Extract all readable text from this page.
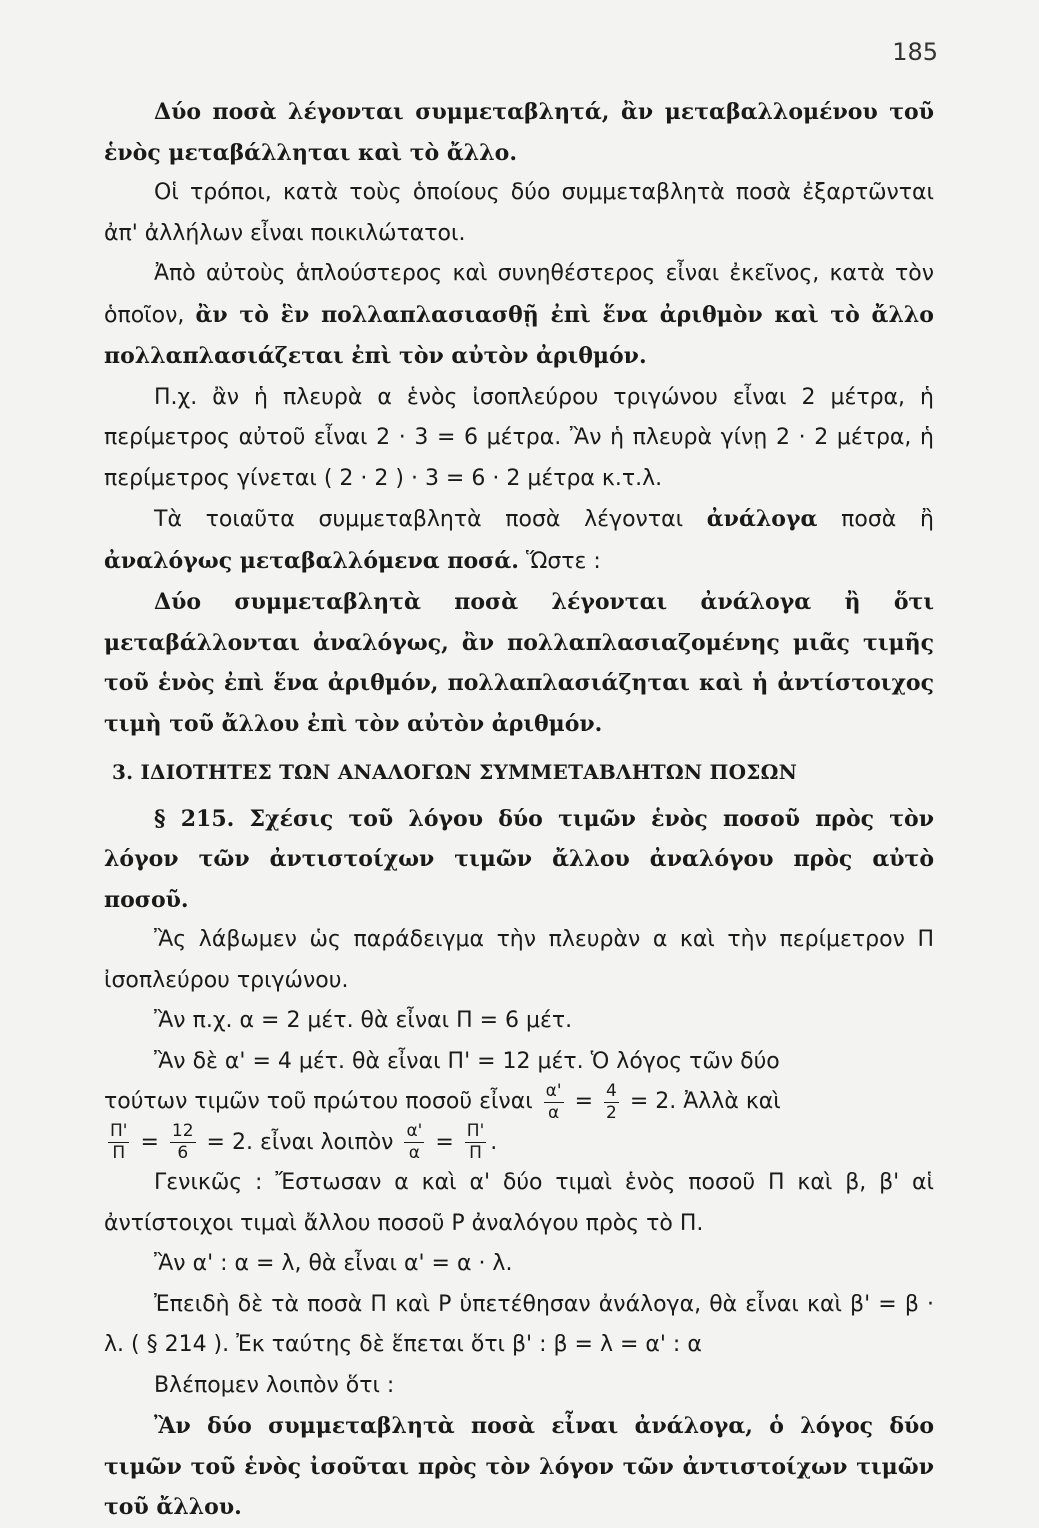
185

Δύο ποσὰ λέγονται συμμεταβλητά, ἂν μεταβαλλομένου τοῦ ἑνὸς μεταβάλληται καὶ τὸ ἄλλο.

Οἱ τρόποι, κατὰ τοὺς ὁποίους δύο συμμεταβλητὰ ποσὰ ἐξαρτῶνται ἀπ' ἀλλήλων εἶναι ποικιλώτατοι.

Ἀπὸ αὐτοὺς ἁπλούστερος καὶ συνηθέστερος εἶναι ἐκεῖνος, κατὰ τὸν ὁποῖον, ἂν τὸ ἓν πολλαπλασιασθῇ ἐπὶ ἕνα ἀριθμὸν καὶ τὸ ἄλλο πολλαπλασιάζεται ἐπὶ τὸν αὐτὸν ἀριθμόν.

Π.χ. ἂν ἡ πλευρὰ α ἑνὸς ἰσοπλεύρου τριγώνου εἶναι 2 μέτρα, ἡ περίμετρος αὐτοῦ εἶναι 2 · 3 = 6 μέτρα. Ἂν ἡ πλευρὰ γίνῃ 2 · 2 μέτρα, ἡ περίμετρος γίνεται ( 2 · 2 ) · 3 = 6 · 2 μέτρα κ.τ.λ.

Τὰ τοιαῦτα συμμεταβλητὰ ποσὰ λέγονται ἀνάλογα ποσὰ ἢ ἀναλόγως μεταβαλλόμενα ποσά. Ὥστε :

Δύο συμμεταβλητὰ ποσὰ λέγονται ἀνάλογα ἢ ὅτι μεταβάλλονται ἀναλόγως, ἂν πολλαπλασιαζομένης μιᾶς τιμῆς τοῦ ἑνὸς ἐπὶ ἕνα ἀριθμόν, πολλαπλασιάζηται καὶ ἡ ἀντίστοιχος τιμὴ τοῦ ἄλλου ἐπὶ τὸν αὐτὸν ἀριθμόν.

3. ΙΔΙΟΤΗΤΕΣ ΤΩΝ ΑΝΑΛΟΓΩΝ ΣΥΜΜΕΤΑΒΛΗΤΩΝ ΠΟΣΩΝ

§ 215. Σχέσις τοῦ λόγου δύο τιμῶν ἑνὸς ποσοῦ πρὸς τὸν λόγον τῶν ἀντιστοίχων τιμῶν ἄλλου ἀναλόγου πρὸς αὐτὸ ποσοῦ.

Ἂς λάβωμεν ὡς παράδειγμα τὴν πλευρὰν α καὶ τὴν περίμετρον Π ἰσοπλεύρου τριγώνου.

Ἂν π.χ. α = 2 μέτ. θὰ εἶναι Π = 6 μέτ.

Ἂν δὲ α' = 4 μέτ. θὰ εἶναι Π' = 12 μέτ. Ὁ λόγος τῶν δύο

τούτων τιμῶν τοῦ πρώτου ποσοῦ εἶναι $\frac{\alpha'}{\alpha} = \frac{4}{2} = 2$. Ἀλλὰ καὶ

$\frac{\Pi'}{\Pi} = \frac{12}{6} = 2$. εἶναι λοιπὸν $\frac{\alpha'}{\alpha} = \frac{\Pi'}{\Pi}$ .

Γενικῶς : Ἔστωσαν α καὶ α' δύο τιμαὶ ἑνὸς ποσοῦ Π καὶ β, β' αἱ ἀντίστοιχοι τιμαὶ ἄλλου ποσοῦ Ρ ἀναλόγου πρὸς τὸ Π.

Ἂν α' : α = λ, θὰ εἶναι α' = α · λ.

Ἐπειδὴ δὲ τὰ ποσὰ Π καὶ Ρ ὑπετέθησαν ἀνάλογα, θὰ εἶναι καὶ β' = β · λ. ( § 214 ). Ἐκ ταύτης δὲ ἕπεται ὅτι β' : β = λ = α' : α

Βλέπομεν λοιπὸν ὅτι :

Ἂν δύο συμμεταβλητὰ ποσὰ εἶναι ἀνάλογα, ὁ λόγος δύο τιμῶν τοῦ ἑνὸς ἰσοῦται πρὸς τὸν λόγον τῶν ἀντιστοίχων τιμῶν τοῦ ἄλλου.
